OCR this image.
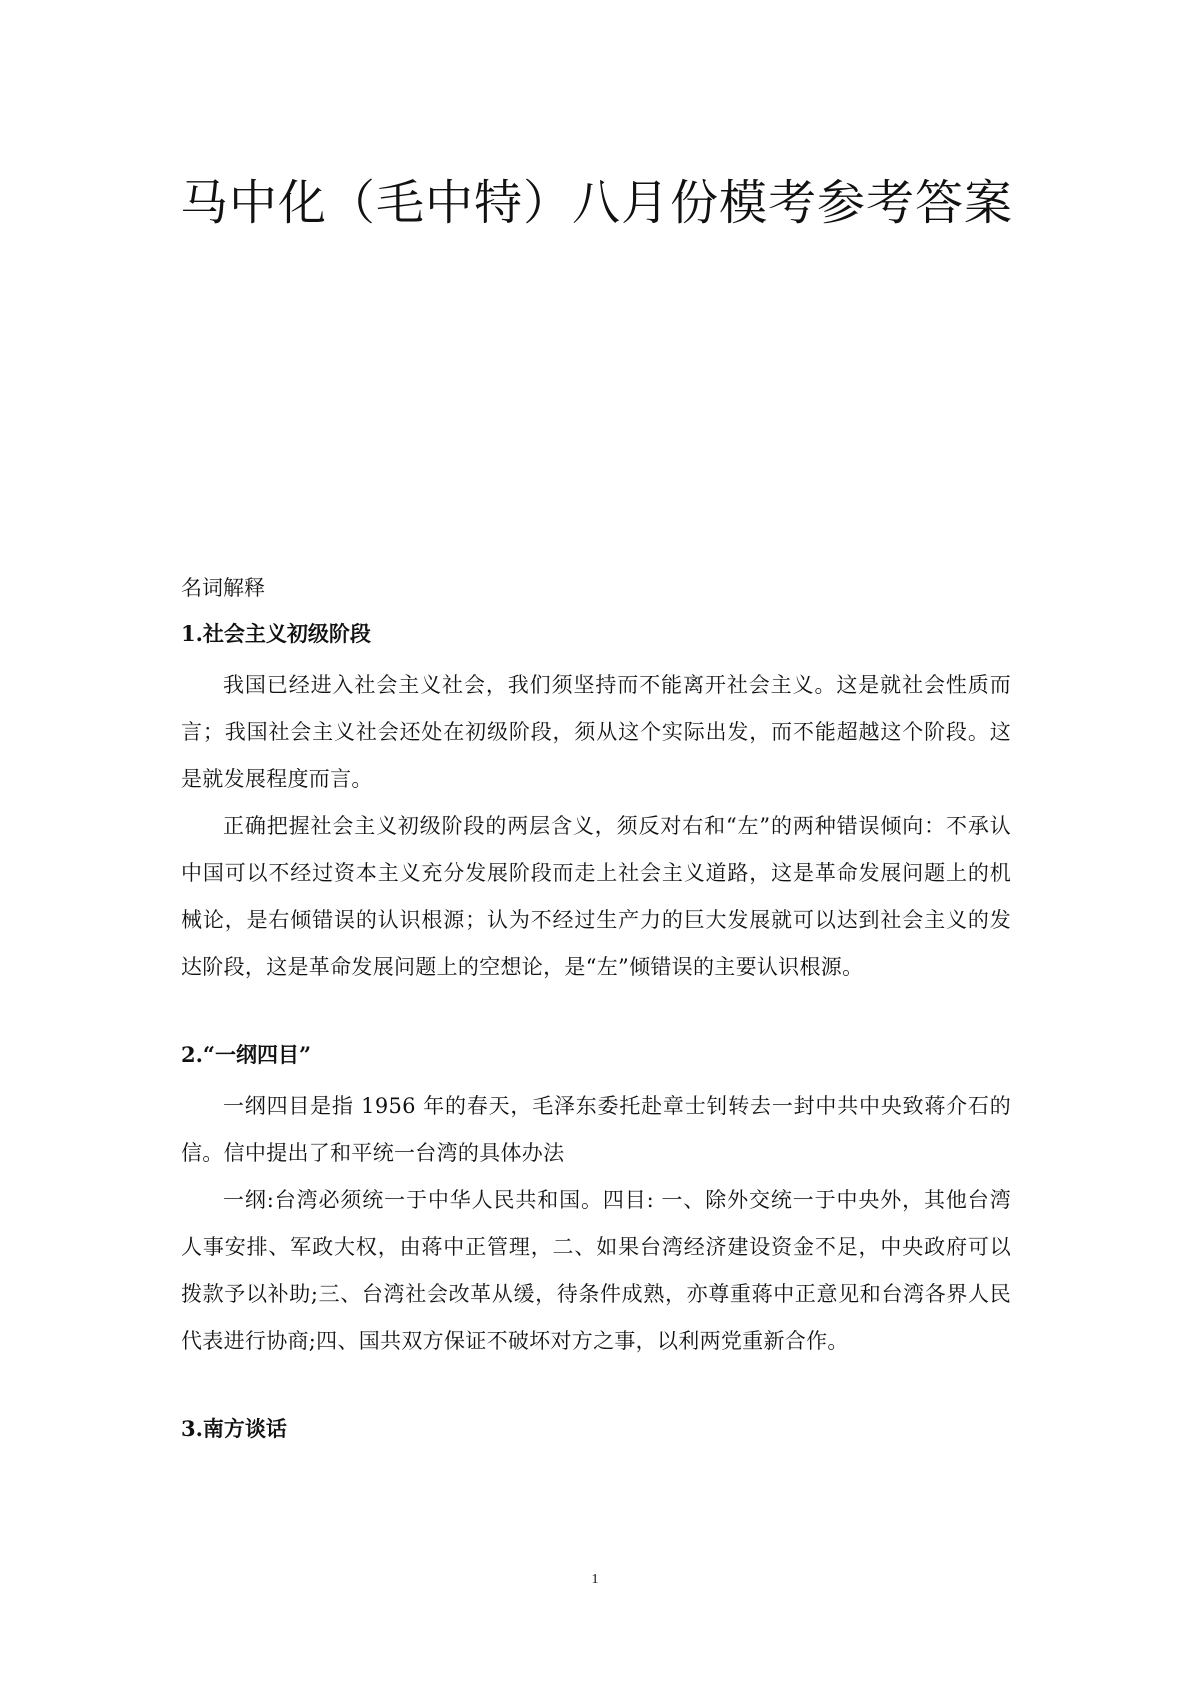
马中化（毛中特）八月份模考参考答案

名词解释

1.社会主义初级阶段

我国已经进入社会主义社会，我们须坚持而不能离开社会主义。这是就社会性质而言；我国社会主义社会还处在初级阶段，须从这个实际出发，而不能超越这个阶段。这是就发展程度而言。

正确把握社会主义初级阶段的两层含义，须反对右和“左”的两种错误倾向：不承认中国可以不经过资本主义充分发展阶段而走上社会主义道路，这是革命发展问题上的机械论，是右倾错误的认识根源；认为不经过生产力的巨大发展就可以达到社会主义的发达阶段，这是革命发展问题上的空想论，是“左”倾错误的主要认识根源。

2.“一纲四目”

一纲四目是指 1956 年的春天，毛泽东委托赴章士钊转去一封中共中央致蒋介石的信。信中提出了和平统一台湾的具体办法

一纲:台湾必须统一于中华人民共和国。四目: 一、除外交统一于中央外，其他台湾人事安排、军政大权，由蒋中正管理，二、如果台湾经济建设资金不足，中央政府可以拨款予以补助;三、台湾社会改革从缓，待条件成熟，亦尊重蒋中正意见和台湾各界人民代表进行协商;四、国共双方保证不破坏对方之事，以利两党重新合作。

3.南方谈话
1
